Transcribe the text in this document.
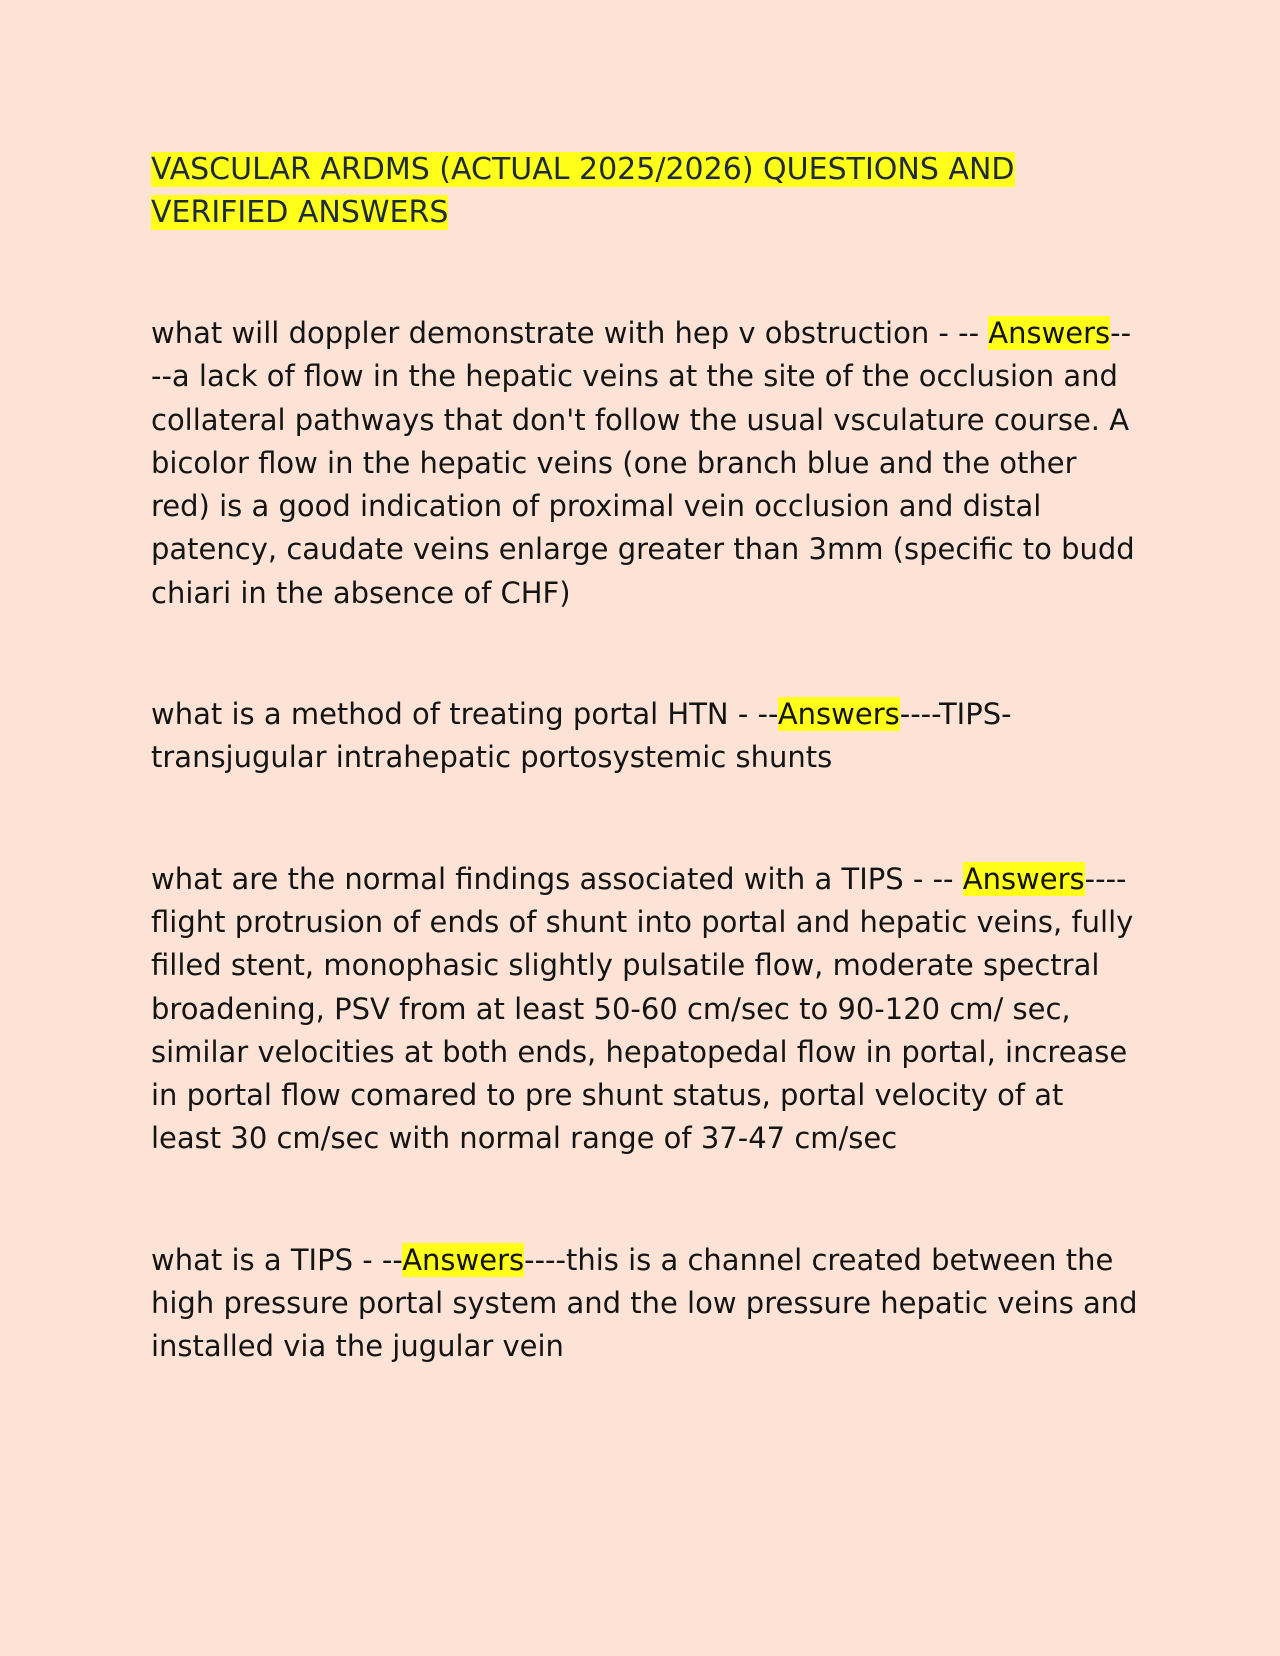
VASCULAR ARDMS (ACTUAL 2025/2026) QUESTIONS AND VERIFIED ANSWERS

what will doppler demonstrate with hep v obstruction - -- Answers----a lack of flow in the hepatic veins at the site of the occlusion and collateral pathways that don't follow the usual vsculature course. A bicolor flow in the hepatic veins (one branch blue and the other red) is a good indication of proximal vein occlusion and distal patency, caudate veins enlarge greater than 3mm (specific to budd chiari in the absence of CHF)

what is a method of treating portal HTN - --Answers----TIPS-transjugular intrahepatic portosystemic shunts

what are the normal findings associated with a TIPS - -- Answers----flight protrusion of ends of shunt into portal and hepatic veins, fully filled stent, monophasic slightly pulsatile flow, moderate spectral broadening, PSV from at least 50-60 cm/sec to 90-120 cm/ sec, similar velocities at both ends, hepatopedal flow in portal, increase in portal flow comared to pre shunt status, portal velocity of at least 30 cm/sec with normal range of 37-47 cm/sec

what is a TIPS - --Answers----this is a channel created between the high pressure portal system and the low pressure hepatic veins and installed via the jugular vein
